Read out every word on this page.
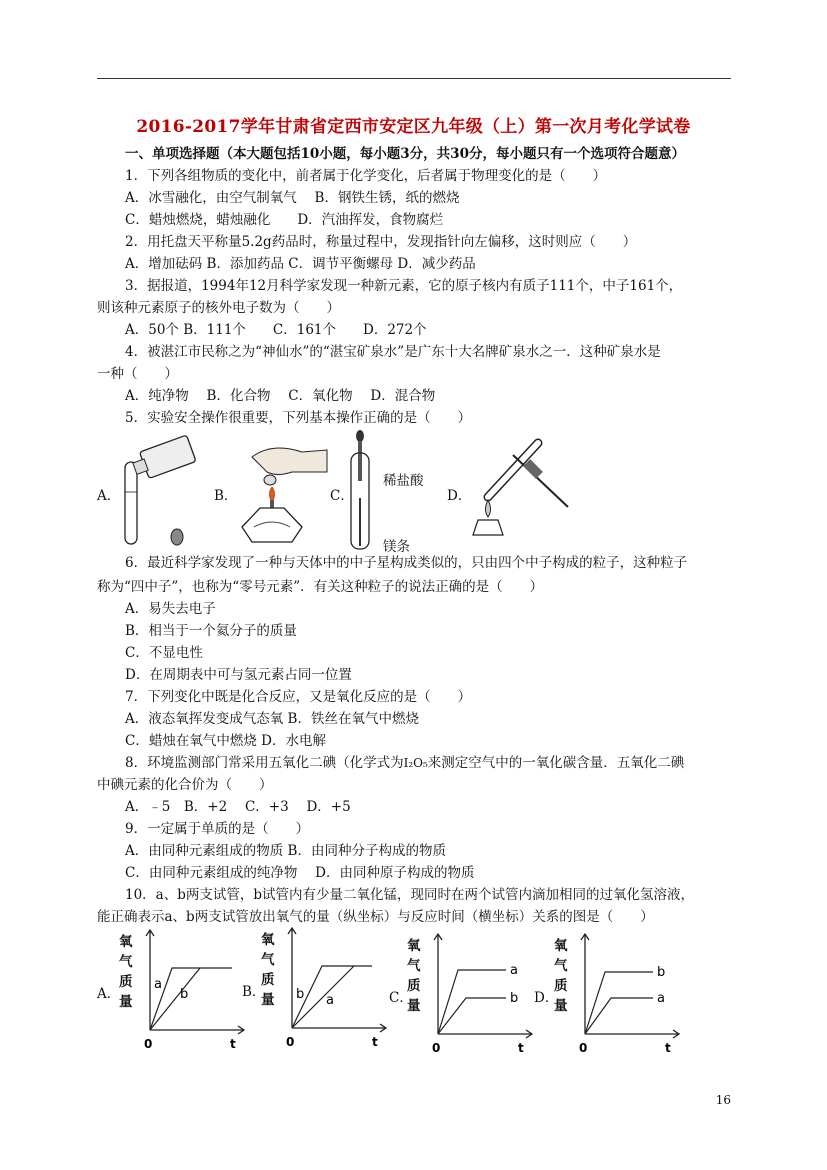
2016-2017学年甘肃省定西市安定区九年级（上）第一次月考化学试卷
一、单项选择题（本大题包括10小题，每小题3分，共30分，每小题只有一个选项符合题意）
1．下列各组物质的变化中，前者属于化学变化，后者属于物理变化的是（　　）
A．冰雪融化，由空气制氧气　 B．钢铁生锈，纸的燃烧
C．蜡烛燃烧，蜡烛融化　　D．汽油挥发，食物腐烂
2．用托盘天平称量5.2g药品时，称量过程中，发现指针向左偏移，这时则应（　　）
A．增加砝码 B．添加药品 C．调节平衡螺母 D．减少药品
3．据报道，1994年12月科学家发现一种新元素，它的原子核内有质子111个，中子161个，
则该种元素原子的核外电子数为（　　）
A．50个 B．111个　　C．161个　　D．272个
4．被湛江市民称之为“神仙水”的“湛宝矿泉水”是广东十大名牌矿泉水之一．这种矿泉水是
一种（　　）
A．纯净物　 B．化合物　 C．氧化物　 D．混合物
5．实验安全操作很重要，下列基本操作正确的是（　　）
A．	B．	C．
稀盐酸
镁条
D．
6．最近科学家发现了一种与天体中的中子星构成类似的，只由四个中子构成的粒子，这种粒子
称为“四中子”，也称为“零号元素”．有关这种粒子的说法正确的是（　　）
A．易失去电子
B．相当于一个氦分子的质量
C．不显电性
D．在周期表中可与氢元素占同一位置
7．下列变化中既是化合反应，又是氧化反应的是（　　）
A．液态氧挥发变成气态氧 B．铁丝在氧气中燃烧
C．蜡烛在氧气中燃烧 D．水电解
8．环境监测部门常采用五氧化二碘（化学式为I₂O₅来测定空气中的一氧化碳含量．五氧化二碘
中碘元素的化合价为（　　）
A．﹣5　B．+2　 C．+3　 D．+5
9．一定属于单质的是（　　）
A．由同种元素组成的物质 B．由同种分子构成的物质
C．由同种元素组成的纯净物　 D．由同种原子构成的物质
10．a、b两支试管，b试管内有少量二氧化锰，现同时在两个试管内滴加相同的过氧化氢溶液，
能正确表示a、b两支试管放出氧气的量（纵坐标）与反应时间（横坐标）关系的图是（　　）
A．
氧
气
质
量
a
b
0	t
B．
氧
气
质
量 b a
0	t
C．
氧
气
质
量
a
b
0	t
D．
氧
气
质
量
b
a
0	t
16
